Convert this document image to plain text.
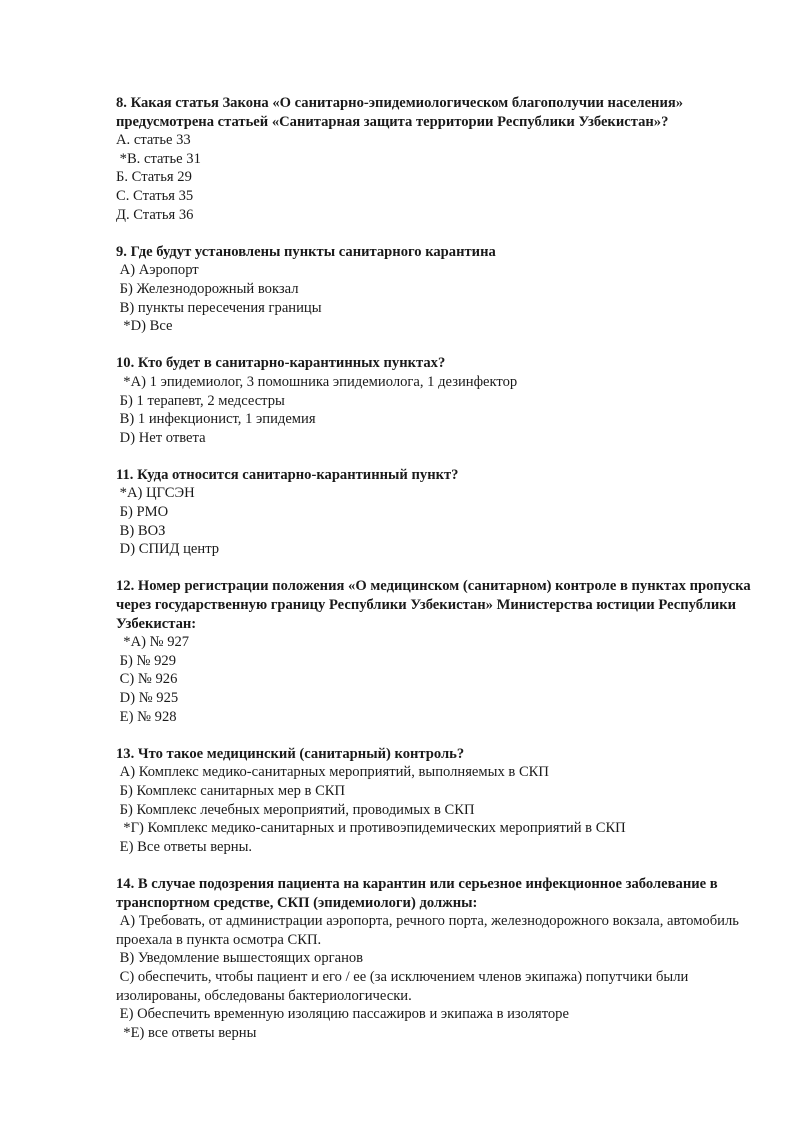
8. Какая статья Закона «О санитарно-эпидемиологическом благополучии населения» предусмотрена статьей «Санитарная защита территории Республики Узбекистан»?

А. статье 33

*В. статье 31

Б. Статья 29

С. Статья 35

Д. Статья 36

9. Где будут установлены пункты санитарного карантина

А) Аэропорт

Б) Железнодорожный вокзал

В) пункты пересечения границы

*D) Все

10. Кто будет в санитарно-карантинных пунктах?

*А) 1 эпидемиолог, 3 помошника эпидемиолога, 1 дезинфектор

Б) 1 терапевт, 2 медсестры

В) 1 инфекционист, 1 эпидемия

D) Нет ответа

11. Куда относится санитарно-карантинный пункт?

*А) ЦГСЭН

Б) РМО

В) ВОЗ

D) СПИД центр

12. Номер регистрации положения «О медицинском (санитарном) контроле в пунктах пропуска через государственную границу Республики Узбекистан» Министерства юстиции Республики Узбекистан:

*А) № 927

Б) № 929

С) № 926

D) № 925

Е) № 928

13. Что такое медицинский (санитарный) контроль?

А) Комплекс медико-санитарных мероприятий, выполняемых в СКП

Б) Комплекс санитарных мер в СКП

Б) Комплекс лечебных мероприятий, проводимых в СКП

*Г) Комплекс медико-санитарных и противоэпидемических мероприятий в СКП

Е) Все ответы верны.

14. В случае подозрения пациента на карантин или серьезное инфекционное заболевание в транспортном средстве, СКП (эпидемиологи) должны:

А) Требовать, от администрации аэропорта, речного порта, железнодорожного вокзала, автомобиль проехала в пункта осмотра СКП.

В) Уведомление вышестоящих органов

С) обеспечить, чтобы пациент и его / ее (за исключением членов экипажа) попутчики были изолированы, обследованы бактериологически.

Е) Обеспечить временную изоляцию пассажиров и экипажа в изоляторе

*Е) все ответы верны
